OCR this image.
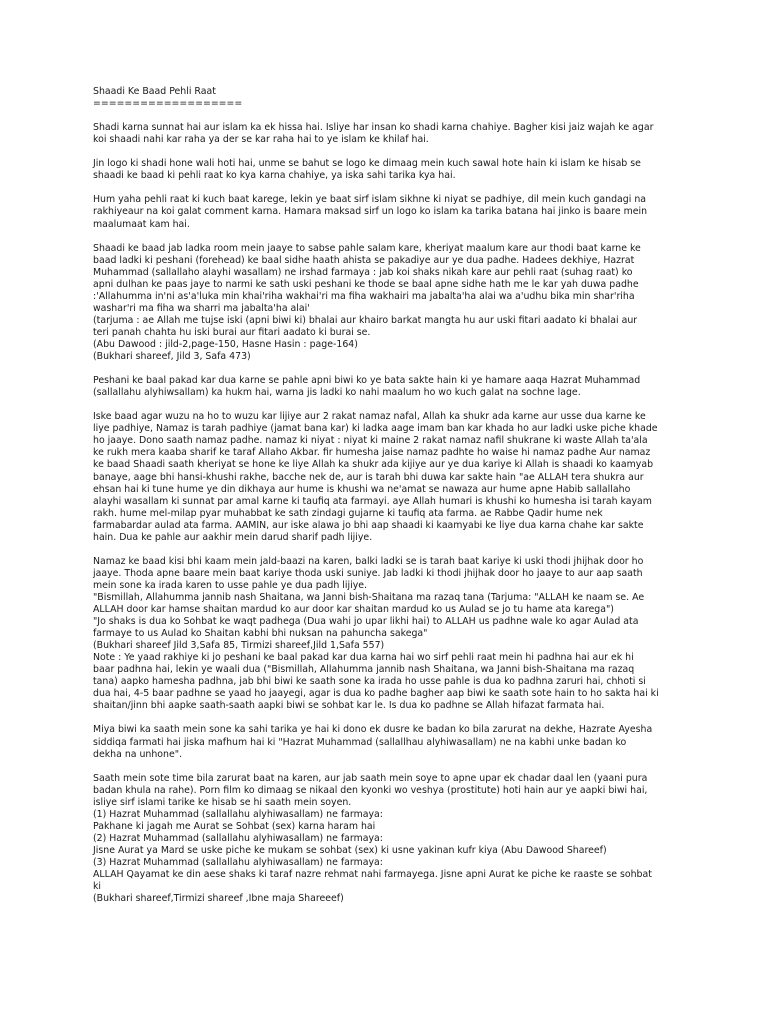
Shaadi Ke Baad Pehli Raat
===================
Shadi karna sunnat hai aur islam ka ek hissa hai. Isliye har insan ko shadi karna chahiye. Bagher kisi jaiz wajah ke agar
koi shaadi nahi kar raha ya der se kar raha hai to ye islam ke khilaf hai.
Jin logo ki shadi hone wali hoti hai, unme se bahut se logo ke dimaag mein kuch sawal hote hain ki islam ke hisab se
shaadi ke baad ki pehli raat ko kya karna chahiye, ya iska sahi tarika kya hai.
Hum yaha pehli raat ki kuch baat karege, lekin ye baat sirf islam sikhne ki niyat se padhiye, dil mein kuch gandagi na
rakhiyeaur na koi galat comment karna. Hamara maksad sirf un logo ko islam ka tarika batana hai jinko is baare mein
maalumaat kam hai.
Shaadi ke baad jab ladka room mein jaaye to sabse pahle salam kare, kheriyat maalum kare aur thodi baat karne ke
baad ladki ki peshani (forehead) ke baal sidhe haath ahista se pakadiye aur ye dua padhe. Hadees dekhiye, Hazrat
Muhammad (sallallaho alayhi wasallam) ne irshad farmaya : jab koi shaks nikah kare aur pehli raat (suhag raat) ko
apni dulhan ke paas jaye to narmi ke sath uski peshani ke thode se baal apne sidhe hath me le kar yah duwa padhe
:'Allahumma in'ni as'a'luka min khai'riha wakhai'ri ma fiha wakhairi ma jabalta'ha alai wa a'udhu bika min shar'riha
washar'ri ma fiha wa sharri ma jabalta'ha alai'
(tarjuma : ae Allah me tujse iski (apni biwi ki) bhalai aur khairo barkat mangta hu aur uski fitari aadato ki bhalai aur
teri panah chahta hu iski burai aur fitari aadato ki burai se.
(Abu Dawood : jild-2,page-150, Hasne Hasin : page-164)
(Bukhari shareef, Jild 3, Safa 473)
Peshani ke baal pakad kar dua karne se pahle apni biwi ko ye bata sakte hain ki ye hamare aaqa Hazrat Muhammad
(sallallahu alyhiwsallam) ka hukm hai, warna jis ladki ko nahi maalum ho wo kuch galat na sochne lage.
Iske baad agar wuzu na ho to wuzu kar lijiye aur 2 rakat namaz nafal, Allah ka shukr ada karne aur usse dua karne ke
liye padhiye, Namaz is tarah padhiye (jamat bana kar) ki ladka aage imam ban kar khada ho aur ladki uske piche khade
ho jaaye. Dono saath namaz padhe. namaz ki niyat : niyat ki maine 2 rakat namaz nafil shukrane ki waste Allah ta'ala
ke rukh mera kaaba sharif ke taraf Allaho Akbar. fir humesha jaise namaz padhte ho waise hi namaz padhe Aur namaz
ke baad Shaadi saath kheriyat se hone ke liye Allah ka shukr ada kijiye aur ye dua kariye ki Allah is shaadi ko kaamyab
banaye, aage bhi hansi-khushi rakhe, bacche nek de, aur is tarah bhi duwa kar sakte hain "ae ALLAH tera shukra aur
ehsan hai ki tune hume ye din dikhaya aur hume is khushi wa ne'amat se nawaza aur hume apne Habib sallallaho
alayhi wasallam ki sunnat par amal karne ki taufiq ata farmayi. aye Allah humari is khushi ko humesha isi tarah kayam
rakh. hume mel-milap pyar muhabbat ke sath zindagi gujarne ki taufiq ata farma. ae Rabbe Qadir hume nek
farmabardar aulad ata farma. AAMIN, aur iske alawa jo bhi aap shaadi ki kaamyabi ke liye dua karna chahe kar sakte
hain. Dua ke pahle aur aakhir mein darud sharif padh lijiye.
Namaz ke baad kisi bhi kaam mein jald-baazi na karen, balki ladki se is tarah baat kariye ki uski thodi jhijhak door ho
jaaye. Thoda apne baare mein baat kariye thoda uski suniye. Jab ladki ki thodi jhijhak door ho jaaye to aur aap saath
mein sone ka irada karen to usse pahle ye dua padh lijiye.
"Bismillah, Allahumma jannib nash Shaitana, wa Janni bish-Shaitana ma razaq tana (Tarjuma: "ALLAH ke naam se. Ae
ALLAH door kar hamse shaitan mardud ko aur door kar shaitan mardud ko us Aulad se jo tu hame ata karega")
"Jo shaks is dua ko Sohbat ke waqt padhega (Dua wahi jo upar likhi hai) to ALLAH us padhne wale ko agar Aulad ata
farmaye to us Aulad ko Shaitan kabhi bhi nuksan na pahuncha sakega"
(Bukhari shareef Jild 3,Safa 85, Tirmizi shareef,Jild 1,Safa 557)
Note : Ye yaad rakhiye ki jo peshani ke baal pakad kar dua karna hai wo sirf pehli raat mein hi padhna hai aur ek hi
baar padhna hai, lekin ye waali dua ("Bismillah, Allahumma jannib nash Shaitana, wa Janni bish-Shaitana ma razaq
tana) aapko hamesha padhna, jab bhi biwi ke saath sone ka irada ho usse pahle is dua ko padhna zaruri hai, chhoti si
dua hai, 4-5 baar padhne se yaad ho jaayegi, agar is dua ko padhe bagher aap biwi ke saath sote hain to ho sakta hai ki
shaitan/jinn bhi aapke saath-saath aapki biwi se sohbat kar le. Is dua ko padhne se Allah hifazat farmata hai.
Miya biwi ka saath mein sone ka sahi tarika ye hai ki dono ek dusre ke badan ko bila zarurat na dekhe, Hazrate Ayesha
siddiqa farmati hai jiska mafhum hai ki "Hazrat Muhammad (sallallhau alyhiwasallam) ne na kabhi unke badan ko
dekha na unhone".
Saath mein sote time bila zarurat baat na karen, aur jab saath mein soye to apne upar ek chadar daal len (yaani pura
badan khula na rahe). Porn film ko dimaag se nikaal den kyonki wo veshya (prostitute) hoti hain aur ye aapki biwi hai,
isliye sirf islami tarike ke hisab se hi saath mein soyen.
(1) Hazrat Muhammad (sallallahu alyhiwasallam) ne farmaya:
Pakhane ki jagah me Aurat se Sohbat (sex) karna haram hai
(2) Hazrat Muhammad (sallallahu alyhiwasallam) ne farmaya:
Jisne Aurat ya Mard se uske piche ke mukam se sohbat (sex) ki usne yakinan kufr kiya (Abu Dawood Shareef)
(3) Hazrat Muhammad (sallallahu alyhiwasallam) ne farmaya:
ALLAH Qayamat ke din aese shaks ki taraf nazre rehmat nahi farmayega. Jisne apni Aurat ke piche ke raaste se sohbat
ki
(Bukhari shareef,Tirmizi shareef ,Ibne maja Shareeef)
